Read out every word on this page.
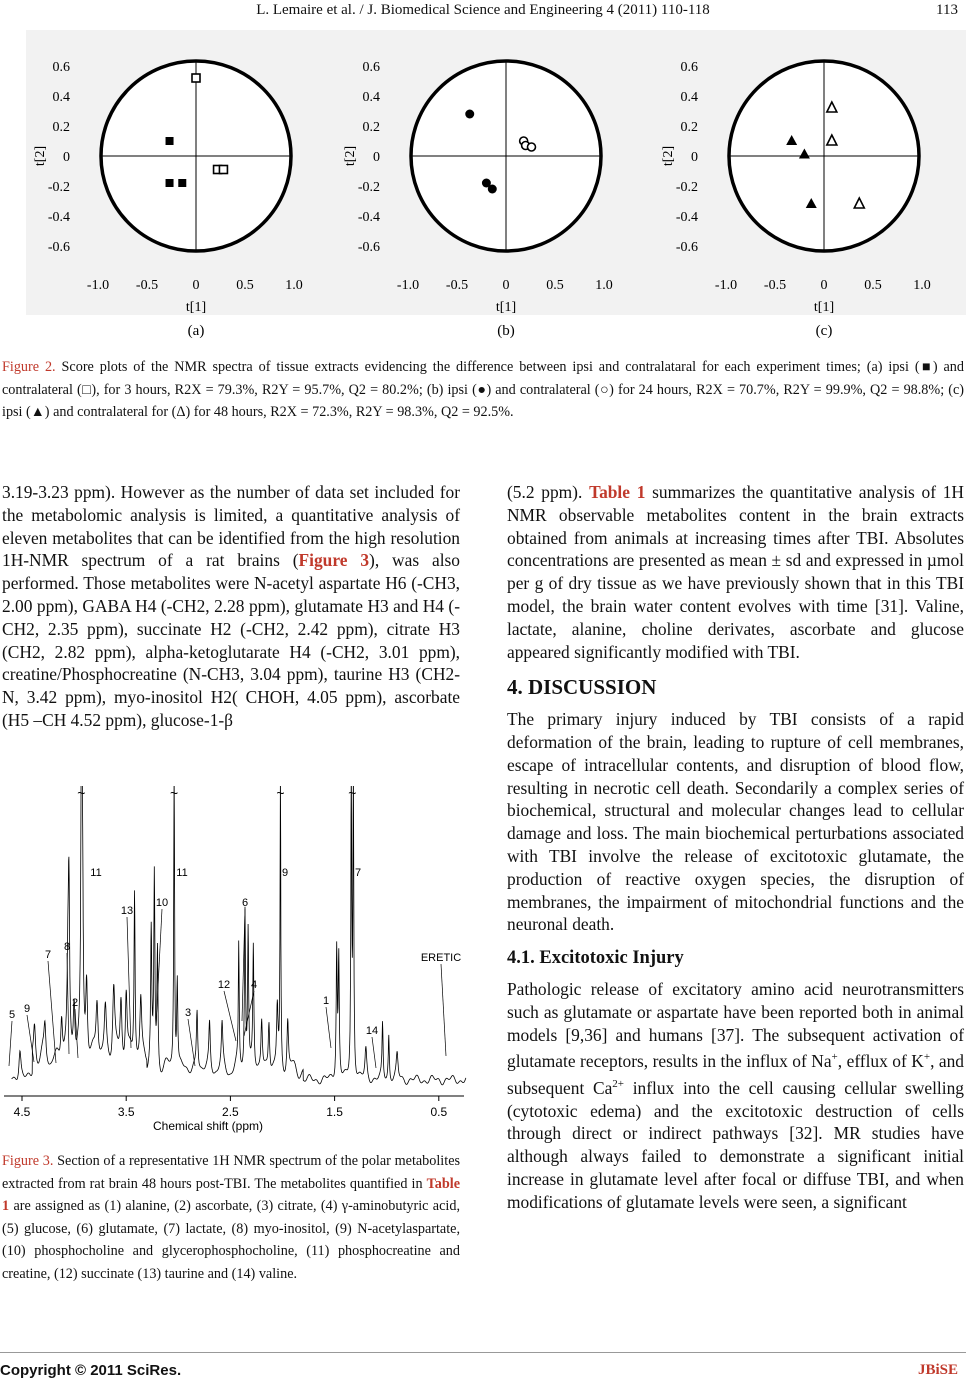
L. Lemaire et al. / J. Biomedical Science and Engineering 4 (2011) 110-118	113
0.6
0.4
0.2
0
-0.2
-0.4
-0.6
t[2]
-1.0 -0.5 0	0.5 1.0
t[1]
(a)
0.6
0.4
0.2
0
-0.2
-0.4
-0.6
t[2]
-1.0 -0.5 0	0.5 1.0
t[1]
(b)
0.6
0.4
0.2
0
-0.2
-0.4
-0.6
t[2]
-1.0 -0.5 0	0.5 1.0
t[1]
(c)
Figure 2. Score plots of the NMR spectra of tissue extracts evidencing the difference between ipsi and contralataral for each experiment times; (a) ipsi (■) and contralateral (□), for 3 hours, R2X = 79.3%, R2Y = 95.7%, Q2 = 80.2%; (b) ipsi (●) and contralateral (○) for 24 hours, R2X = 70.7%, R2Y = 99.9%, Q2 = 98.8%; (c) ipsi (▲) and contralateral for (Δ) for 48 hours, R2X = 72.3%, R2Y = 98.3%, Q2 = 92.5%.

3.19-3.23 ppm). However as the number of data set included for the metabolomic analysis is limited, a quantitative analysis of eleven metabolites that can be identified from the high resolution 1H-NMR spectrum of a rat brains (Figure 3), was also performed. Those metabolites were N-acetyl aspartate H6 (-CH3, 2.00 ppm), GABA H4 (-CH2, 2.28 ppm), glutamate H3 and H4 (-CH2, 2.35 ppm), succinate H2 (-CH2, 2.42 ppm), citrate H3 (CH2, 2.82 ppm), alpha-ketoglutarate H4 (-CH2, 3.01 ppm), creatine/Phosphocreatine (N-CH3, 3.04 ppm), taurine H3 (CH2-N, 3.42 ppm), myo-inositol H2( CHOH, 4.05 ppm), ascorbate (H5 –CH 4.52 ppm), glucose-1-β

4.5	3.5	2.5	1.5	0.5
Chemical shift (ppm)
~	~	~	~
11	11	9	7
13
10	6
7
8
12 4
5 9	2
3
1
14
ERETIC
Figure 3. Section of a representative 1H NMR spectrum of the polar metabolites extracted from rat brain 48 hours post-TBI. The metabolites quantified in Table 1 are assigned as (1) alanine, (2) ascorbate, (3) citrate, (4) γ-aminobutyric acid, (5) glucose, (6) glutamate, (7) lactate, (8) myo-inositol, (9) N-acetylaspartate, (10) phosphocholine and glycerophosphocholine, (11) phosphocreatine and creatine, (12) succinate (13) taurine and (14) valine.

(5.2 ppm). Table 1 summarizes the quantitative analysis of 1H NMR observable metabolites content in the brain extracts obtained from animals at increasing times after TBI. Absolutes concentrations are presented as mean ± sd and expressed in µmol per g of dry tissue as we have previously shown that in this TBI model, the brain water content evolves with time [31]. Valine, lactate, alanine, choline derivates, ascorbate and glucose appeared significantly modified with TBI.

4. DISCUSSION

The primary injury induced by TBI consists of a rapid deformation of the brain, leading to rupture of cell membranes, escape of intracellular contents, and disruption of blood flow, resulting in necrotic cell death. Secondarily a complex series of biochemical, structural and molecular changes lead to cellular damage and loss. The main biochemical perturbations associated with TBI involve the release of excitotoxic glutamate, the production of reactive oxygen species, the disruption of membranes, the impairment of mitochondrial functions and the neuronal death.

4.1. Excitotoxic Injury

Pathologic release of excitatory amino acid neurotransmitters such as glutamate or aspartate have been reported both in animal models [9,36] and humans [37]. The subsequent activation of glutamate receptors, results in the influx of Na+, efflux of K+, and subsequent $Ca^{2+}$ influx into the cell causing cellular swelling (cytotoxic edema) and the excitotoxic destruction of cells through direct or indirect pathways [32]. MR studies have although always failed to demonstrate a significant initial increase in glutamate level after focal or diffuse TBI, and when modifications of glutamate levels were seen, a significant

Copyright © 2011 SciRes.	JBiSE
